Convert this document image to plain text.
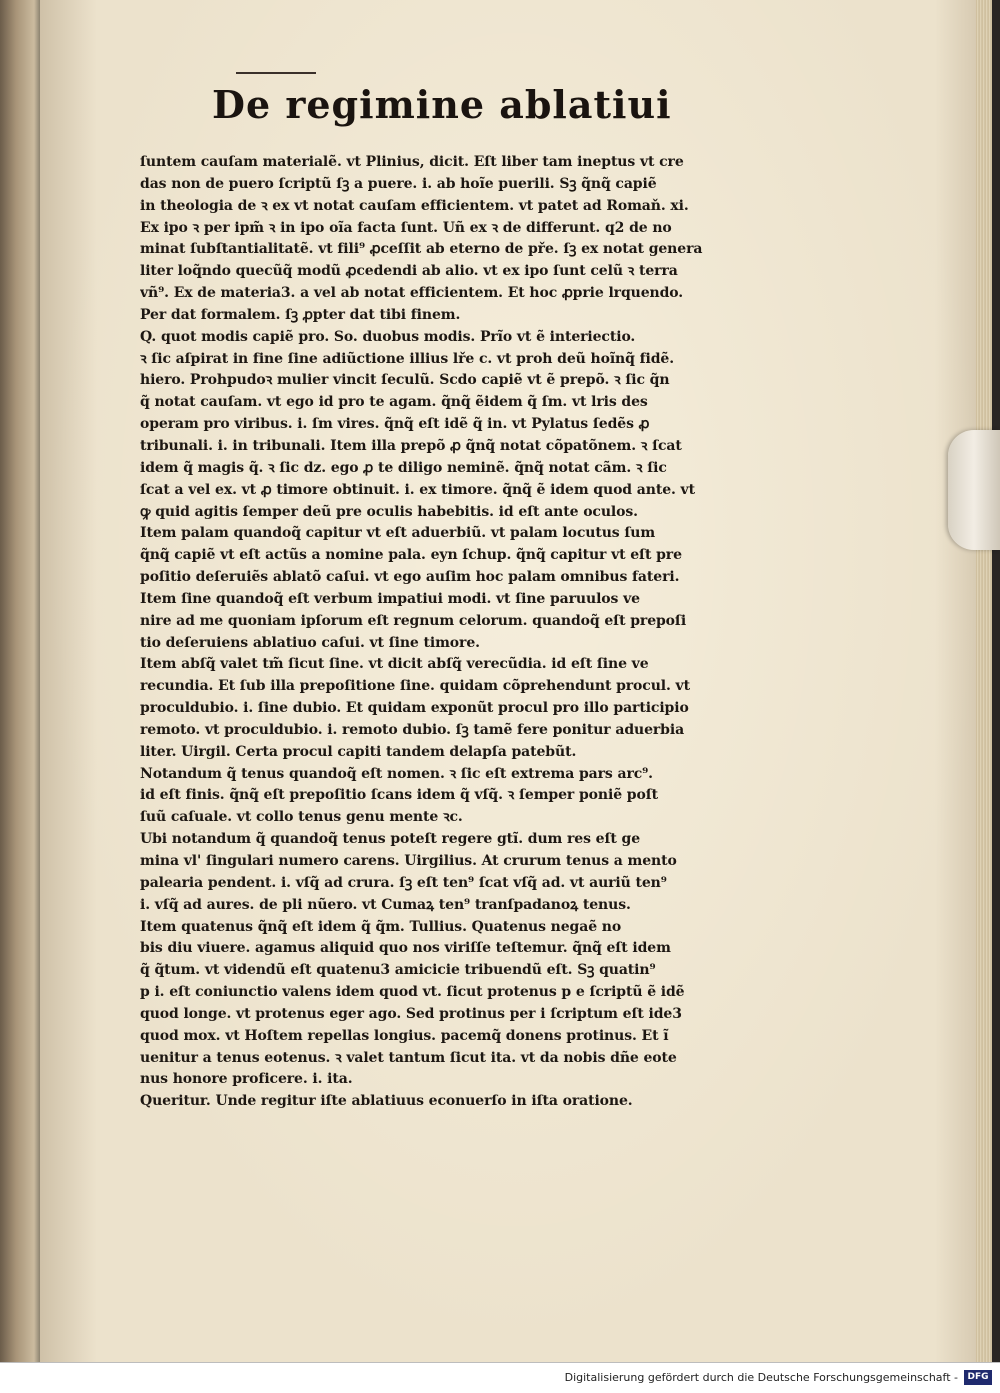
De regimine ablatiui
ſuntem cauſam materialẽ. vt Plinius, dicit. Eſt liber tam ineptus vt cre
das non de puero ſcriptũ ſꝫ a puere. i. ab hoĩe puerili. Sꝫ q̃nq̃ capiẽ
in theologia de ꝛ ex vt notat cauſam efficientem. vt patet ad Romaň. xi.
Ex ipo ꝛ per ipm̃ ꝛ in ipo oĩa facta ſunt. Uñ ex ꝛ de differunt. q2 de no
minat ſubſtantialitatẽ. vt fili⁹ ꝓceſſit ab eterno de pře. ſꝫ ex notat genera
liter loq̃ndo quecũq̃ modũ ꝓcedendi ab alio. vt ex ipo ſunt celũ ꝛ terra
vñ⁹. Ex de materia3. a vel ab notat efficientem. Et hoc ꝓprie lrquendo.
Per dat formalem. ſꝫ ꝓpter dat tibi finem.
Q. quot modis capiẽ pro. So. duobus modis. Prĩo vt ẽ interiectio.
ꝛ ſic aſpirat in fine ſine adiũctione illius lře c. vt proh deũ hoĩnq̃ fidẽ.
hiero. Prohpudoꝛ mulier vincit ſeculũ. Scdo capiẽ vt ẽ prepõ. ꝛ ſic q̃n
q̃ notat cauſam. vt ego id pro te agam. q̃nq̃ ẽidem q̃ ſm. vt lris des
operam pro viribus. i. ſm vires. q̃nq̃ eſt idẽ q̃ in. vt Pylatus ſedẽs ꝓ
tribunali. i. in tribunali. Item illa prepõ ꝓ q̃nq̃ notat cõpatõnem. ꝛ ſcat
idem q̃ magis q̃. ꝛ ſic dz. ego ꝓ te diligo neminẽ. q̃nq̃ notat cãm. ꝛ ſic
ſcat a vel ex. vt ꝓ timore obtinuit. i. ex timore. q̃nq̃ ẽ idem quod ante. vt
ꝙ quid agitis ſemper deũ pre oculis habebitis. id eſt ante oculos.
Item palam quandoq̃ capitur vt eſt aduerbiũ. vt palam locutus ſum
q̃nq̃ capiẽ vt eſt actũs a nomine pala. eyn ſchup. q̃nq̃ capitur vt eſt pre
poſitio deſeruiẽs ablatõ caſui. vt ego auſim hoc palam omnibus fateri.
Item ſine quandoq̃ eſt verbum impatiui modi. vt ſine paruulos ve
nire ad me quoniam ipſorum eſt regnum celorum. quandoq̃ eſt prepoſi
tio deſeruiens ablatiuo caſui. vt ſine timore.
Item abſq̃ valet tm̃ ſicut ſine. vt dicit abſq̃ verecũdia. id eſt ſine ve
recundia. Et ſub illa prepoſitione ſine. quidam cõprehendunt procul. vt
proculdubio. i. ſine dubio. Et quidam exponũt procul pro illo participio
remoto. vt proculdubio. i. remoto dubio. ſꝫ tamẽ fere ponitur aduerbia
liter. Uirgil. Certa procul capiti tandem delapſa patebũt.
Notandum q̃ tenus quandoq̃ eſt nomen. ꝛ ſic eſt extrema pars arc⁹.
id eſt finis. q̃nq̃ eſt prepoſitio ſcans idem q̃ vſq̃. ꝛ ſemper poniẽ poſt
ſuũ caſuale. vt collo tenus genu mente ꝛc.
Ubi notandum q̃ quandoq̃ tenus poteſt regere gtĩ. dum res eſt ge
mina vl' ſingulari numero carens. Uirgilius. At crurum tenus a mento
palearia pendent. i. vſq̃ ad crura. ſꝫ eſt ten⁹ ſcat vſq̃ ad. vt auriũ ten⁹
i. vſq̃ ad aures. de pli nũero. vt Cumaꝝ ten⁹ tranſpadanoꝝ tenus.
Item quatenus q̃nq̃ eſt idem q̃ q̃m. Tullius. Quatenus negaẽ no
bis diu viuere. agamus aliquid quo nos viriſſe teſtemur. q̃nq̃ eſt idem
q̃ q̃tum. vt videndũ eſt quatenu3 amicicie tribuendũ eſt. Sꝫ quatin⁹
p i. eſt coniunctio valens idem quod vt. ſicut protenus p e ſcriptũ ẽ idẽ
quod longe. vt protenus eger ago. Sed protinus per i ſcriptum eſt ide3
quod mox. vt Hoſtem repellas longius. pacemq̃ donens protinus. Et ĩ
uenitur a tenus eotenus. ꝛ valet tantum ſicut ita. vt da nobis dñe eote
nus honore proficere. i. ita.
Queritur. Unde regitur iſte ablatiuus econuerſo in iſta oratione.
Digitalisierung gefördert durch die Deutsche Forschungsgemeinschaft -	DFG
